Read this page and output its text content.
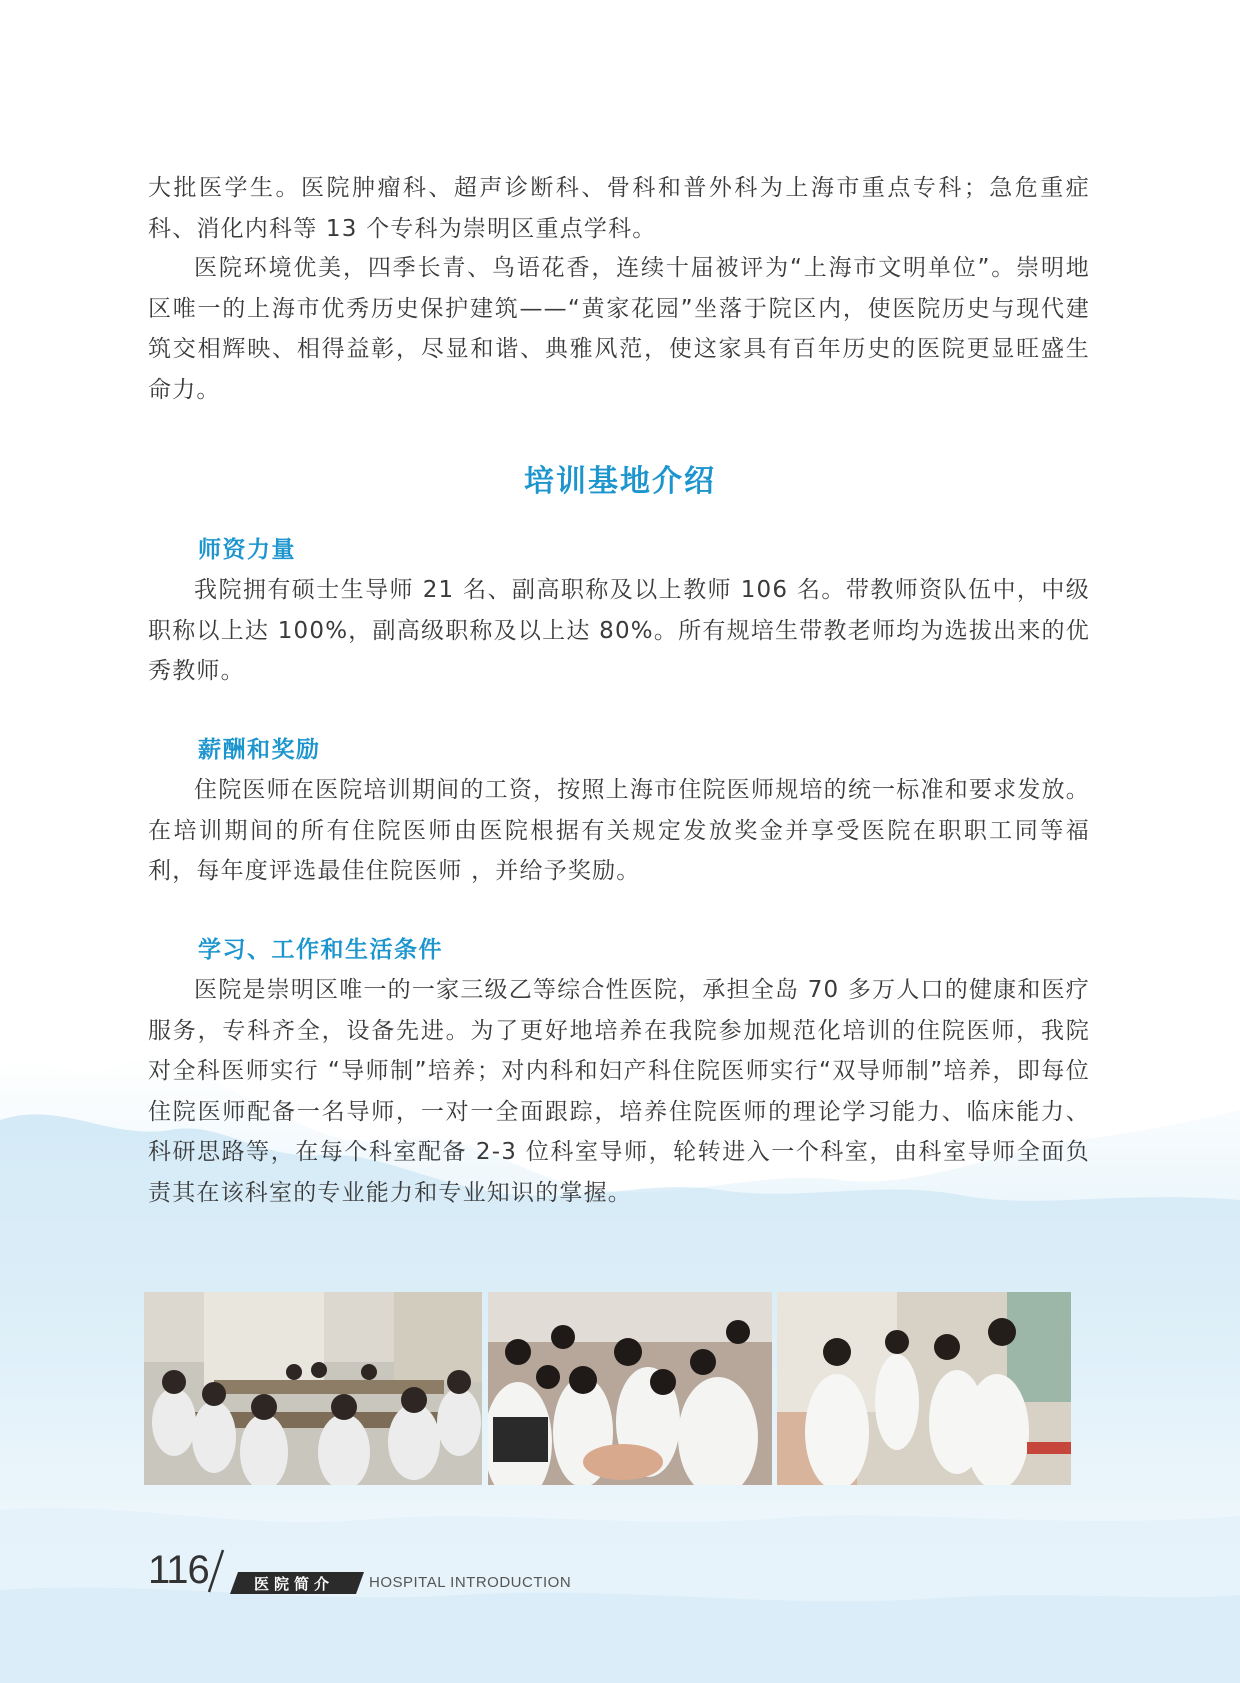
大批医学生。医院肿瘤科、超声诊断科、骨科和普外科为上海市重点专科；急危重症科、消化内科等 13 个专科为崇明区重点学科。

医院环境优美，四季长青、鸟语花香，连续十届被评为“上海市文明单位”。崇明地区唯一的上海市优秀历史保护建筑——“黄家花园”坐落于院区内，使医院历史与现代建筑交相辉映、相得益彰，尽显和谐、典雅风范，使这家具有百年历史的医院更显旺盛生命力。

培训基地介绍
师资力量

我院拥有硕士生导师 21 名、副高职称及以上教师 106 名。带教师资队伍中，中级职称以上达 100%，副高级职称及以上达 80%。所有规培生带教老师均为选拔出来的优秀教师。

薪酬和奖励

住院医师在医院培训期间的工资，按照上海市住院医师规培的统一标准和要求发放。在培训期间的所有住院医师由医院根据有关规定发放奖金并享受医院在职职工同等福利，每年度评选最佳住院医师 ，并给予奖励。

学习、工作和生活条件

医院是崇明区唯一的一家三级乙等综合性医院，承担全岛 70 多万人口的健康和医疗服务，专科齐全，设备先进。为了更好地培养在我院参加规范化培训的住院医师，我院对全科医师实行 “导师制”培养；对内科和妇产科住院医师实行“双导师制”培养，即每位住院医师配备一名导师，一对一全面跟踪，培养住院医师的理论学习能力、临床能力、科研思路等，在每个科室配备 2-3 位科室导师，轮转进入一个科室，由科室导师全面负责其在该科室的专业能力和专业知识的掌握。

116	医院简介 HOSPITAL INTRODUCTION
